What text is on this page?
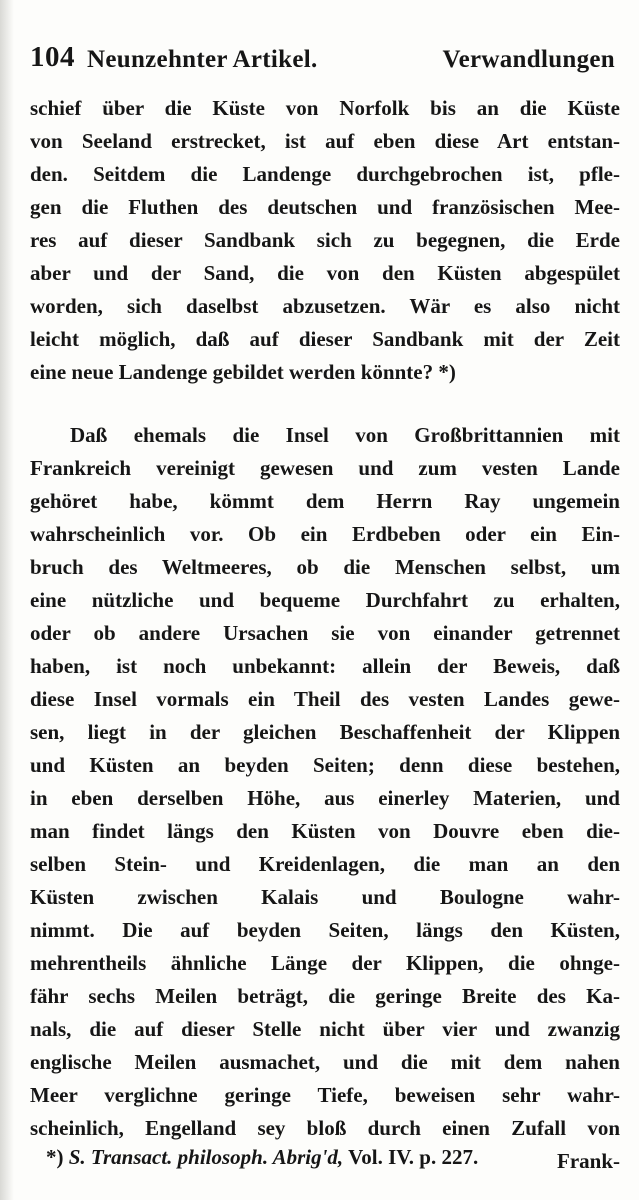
104 Neunzehnter Artikel.	Verwandlungen
schief über die Küste von Norfolk bis an die Küste
von Seeland erstrecket, ist auf eben diese Art entstan-
den. Seitdem die Landenge durchgebrochen ist, pfle-
gen die Fluthen des deutschen und französischen Mee-
res auf dieser Sandbank sich zu begegnen, die Erde
aber und der Sand, die von den Küsten abgespület
worden, sich daselbst abzusetzen. Wär es also nicht
leicht möglich, daß auf dieser Sandbank mit der Zeit
eine neue Landenge gebildet werden könnte? *)
Daß ehemals die Insel von Großbrittannien mit
Frankreich vereinigt gewesen und zum vesten Lande
gehöret habe, kömmt dem Herrn Ray ungemein
wahrscheinlich vor. Ob ein Erdbeben oder ein Ein-
bruch des Weltmeeres, ob die Menschen selbst, um
eine nützliche und bequeme Durchfahrt zu erhalten,
oder ob andere Ursachen sie von einander getrennet
haben, ist noch unbekannt: allein der Beweis, daß
diese Insel vormals ein Theil des vesten Landes gewe-
sen, liegt in der gleichen Beschaffenheit der Klippen
und Küsten an beyden Seiten; denn diese bestehen,
in eben derselben Höhe, aus einerley Materien, und
man findet längs den Küsten von Douvre eben die-
selben Stein- und Kreidenlagen, die man an den
Küsten zwischen Kalais und Boulogne wahr-
nimmt. Die auf beyden Seiten, längs den Küsten,
mehrentheils ähnliche Länge der Klippen, die ohnge-
fähr sechs Meilen beträgt, die geringe Breite des Ka-
nals, die auf dieser Stelle nicht über vier und zwanzig
englische Meilen ausmachet, und die mit dem nahen
Meer verglichne geringe Tiefe, beweisen sehr wahr-
scheinlich, Engelland sey bloß durch einen Zufall von
Frank-
*) S. Transact. philosoph. Abrig'd, Vol. IV. p. 227.
